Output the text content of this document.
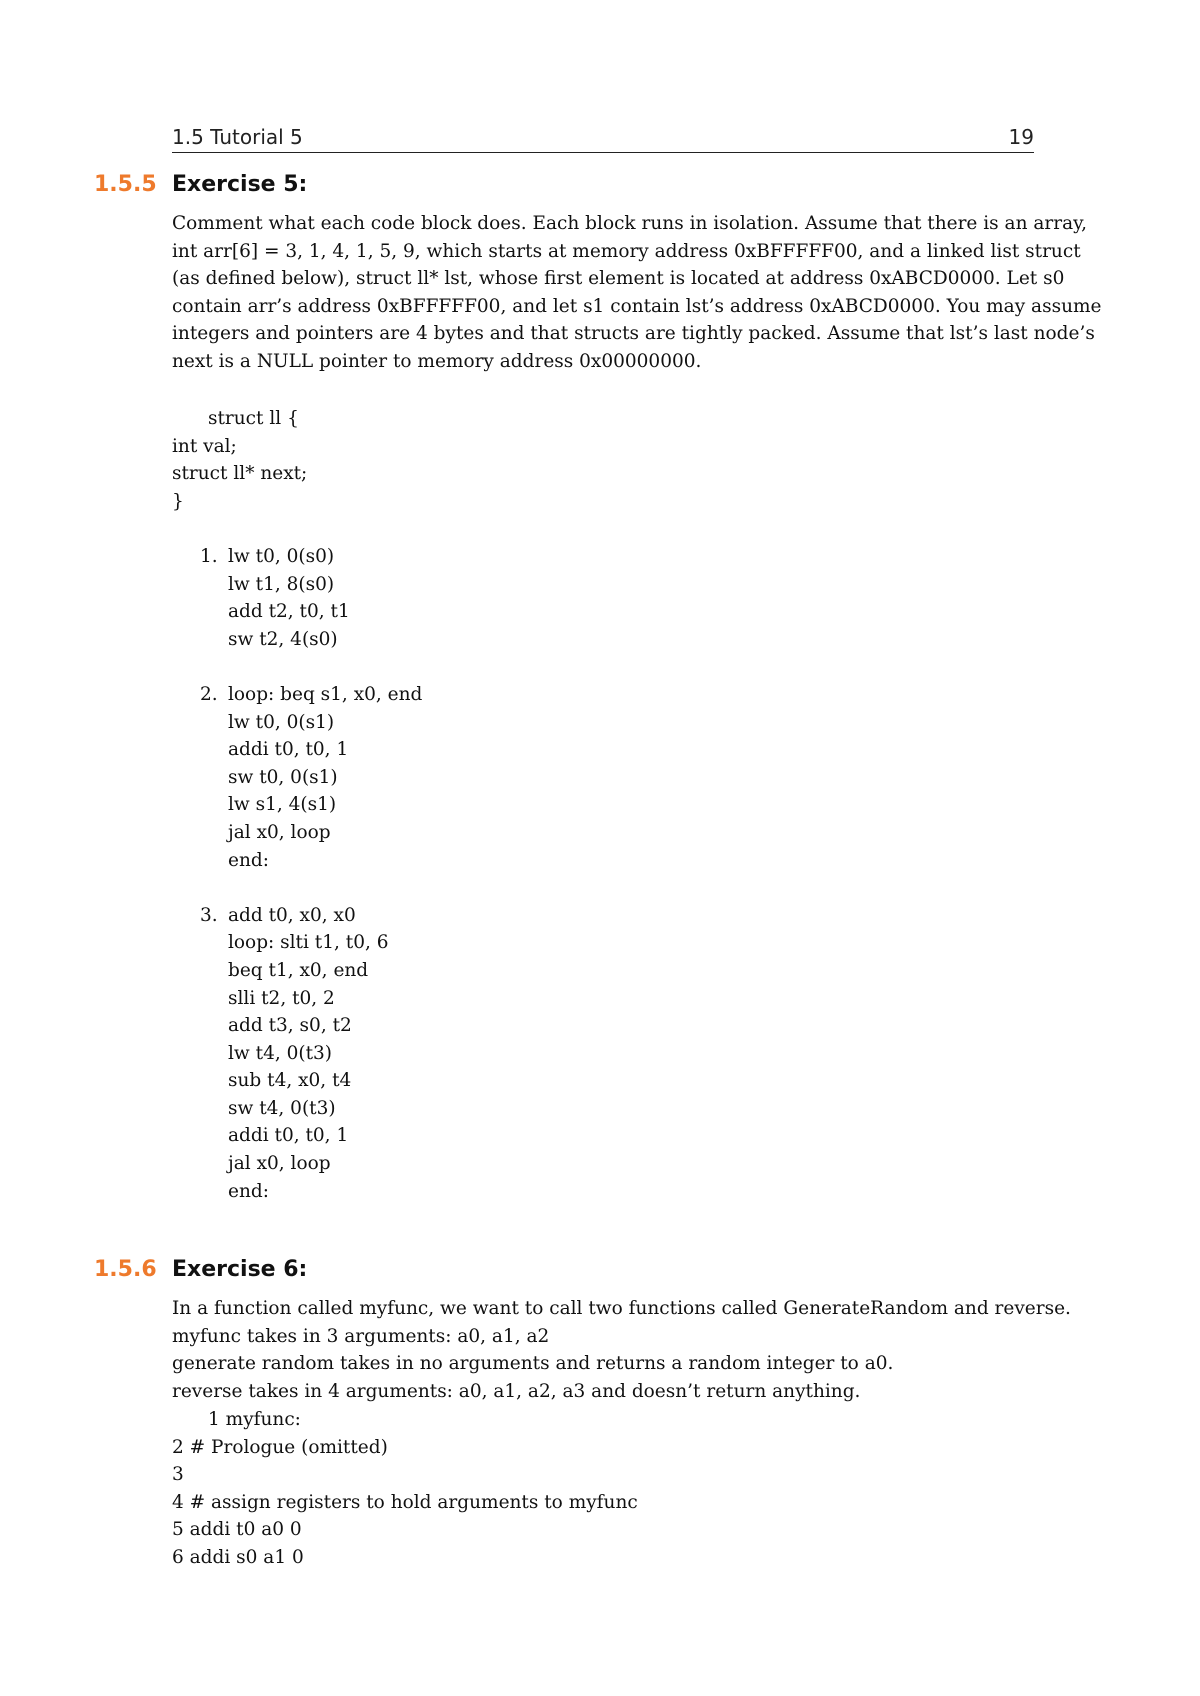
1.5 Tutorial 5	19
1.5.5 Exercise 5:
Comment what each code block does. Each block runs in isolation. Assume that there is an array,
int arr[6] = 3, 1, 4, 1, 5, 9, which starts at memory address 0xBFFFFF00, and a linked list struct
(as defined below), struct ll* lst, whose first element is located at address 0xABCD0000. Let s0
contain arr’s address 0xBFFFFF00, and let s1 contain lst’s address 0xABCD0000. You may assume
integers and pointers are 4 bytes and that structs are tightly packed. Assume that lst’s last node’s
next is a NULL pointer to memory address 0x00000000.
struct ll {
int val;
struct ll* next;
}
1. lw t0, 0(s0)
lw t1, 8(s0)
add t2, t0, t1
sw t2, 4(s0)
2. loop: beq s1, x0, end
lw t0, 0(s1)
addi t0, t0, 1
sw t0, 0(s1)
lw s1, 4(s1)
jal x0, loop
end:
3. add t0, x0, x0
loop: slti t1, t0, 6
beq t1, x0, end
slli t2, t0, 2
add t3, s0, t2
lw t4, 0(t3)
sub t4, x0, t4
sw t4, 0(t3)
addi t0, t0, 1
jal x0, loop
end:
1.5.6 Exercise 6:
In a function called myfunc, we want to call two functions called GenerateRandom and reverse.
myfunc takes in 3 arguments: a0, a1, a2
generate random takes in no arguments and returns a random integer to a0.
reverse takes in 4 arguments: a0, a1, a2, a3 and doesn’t return anything.
1 myfunc:
2 # Prologue (omitted)
3
4 # assign registers to hold arguments to myfunc
5 addi t0 a0 0
6 addi s0 a1 0
